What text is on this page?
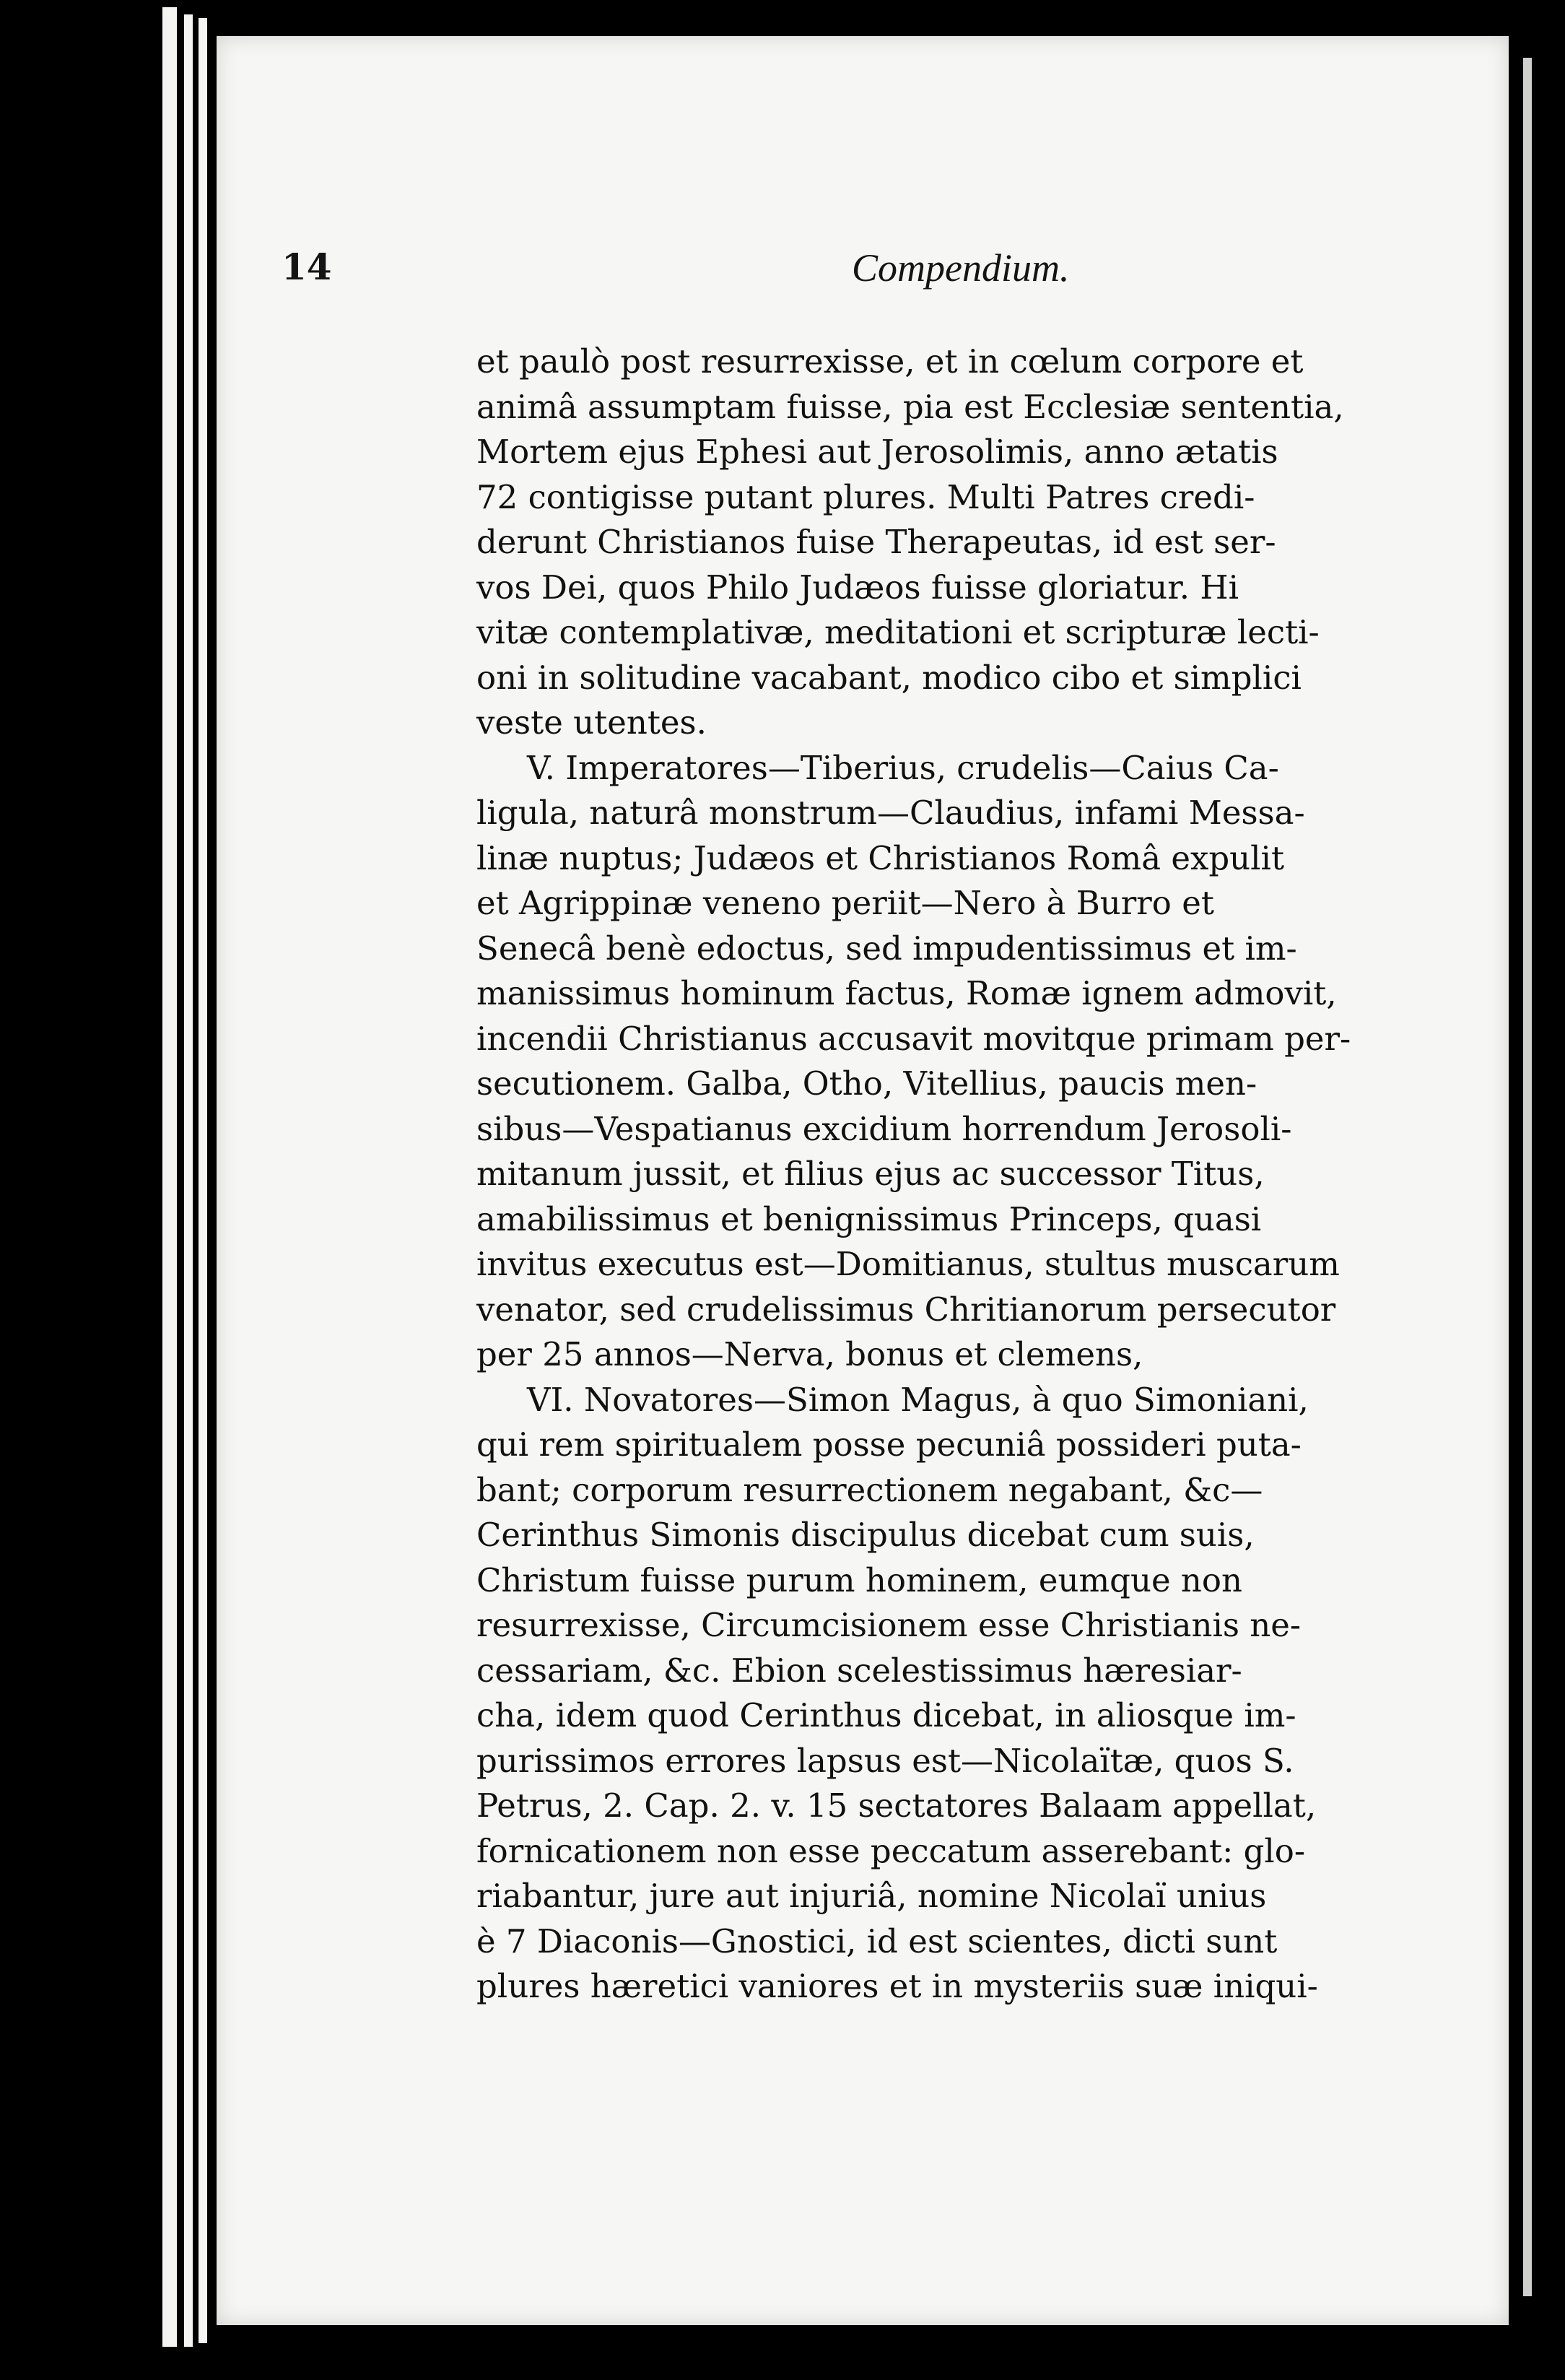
14	Compendium.
et paulò post resurrexisse, et in cœlum corpore et
animâ assumptam fuisse, pia est Ecclesiæ sententia,
Mortem ejus Ephesi aut Jerosolimis, anno ætatis
72 contigisse putant plures. Multi Patres credi-
derunt Christianos fuise Therapeutas, id est ser-
vos Dei, quos Philo Judæos fuisse gloriatur. Hi
vitæ contemplativæ, meditationi et scripturæ lecti-
oni in solitudine vacabant, modico cibo et simplici
veste utentes.
V. Imperatores—Tiberius, crudelis—Caius Ca-
ligula, naturâ monstrum—Claudius, infami Messa-
linæ nuptus; Judæos et Christianos Româ expulit
et Agrippinæ veneno periit—Nero à Burro et
Senecâ benè edoctus, sed impudentissimus et im-
manissimus hominum factus, Romæ ignem admovit,
incendii Christianus accusavit movitque primam per-
secutionem. Galba, Otho, Vitellius, paucis men-
sibus—Vespatianus excidium horrendum Jerosoli-
mitanum jussit, et filius ejus ac successor Titus,
amabilissimus et benignissimus Princeps, quasi
invitus executus est—Domitianus, stultus muscarum
venator, sed crudelissimus Chritianorum persecutor
per 25 annos—Nerva, bonus et clemens,
VI. Novatores—Simon Magus, à quo Simoniani,
qui rem spiritualem posse pecuniâ possideri puta-
bant; corporum resurrectionem negabant, &c—
Cerinthus Simonis discipulus dicebat cum suis,
Christum fuisse purum hominem, eumque non
resurrexisse, Circumcisionem esse Christianis ne-
cessariam, &c. Ebion scelestissimus hæresiar-
cha, idem quod Cerinthus dicebat, in aliosque im-
purissimos errores lapsus est—Nicolaïtæ, quos S.
Petrus, 2. Cap. 2. v. 15 sectatores Balaam appellat,
fornicationem non esse peccatum asserebant: glo-
riabantur, jure aut injuriâ, nomine Nicolaï unius
è 7 Diaconis—Gnostici, id est scientes, dicti sunt
plures hæretici vaniores et in mysteriis suæ iniqui-
